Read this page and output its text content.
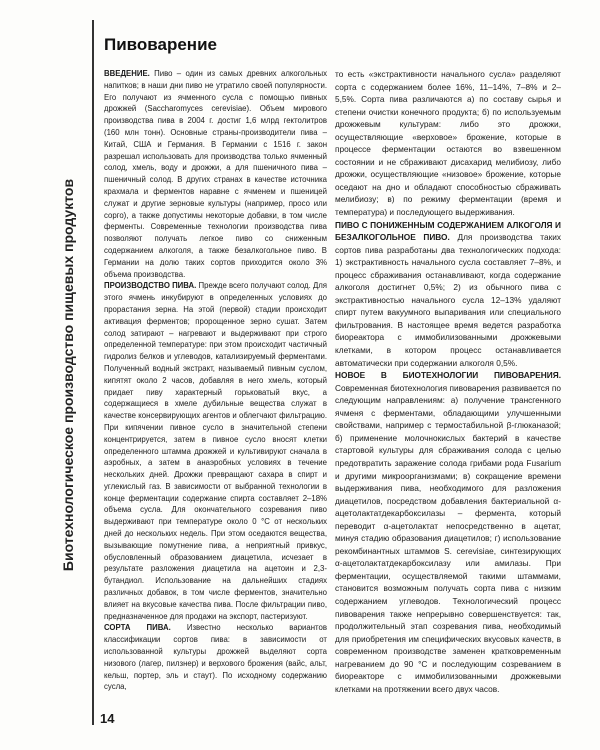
Биотехнологическое производство пищевых продуктов
Пивоварение

ВВЕДЕНИЕ. Пиво – один из самых древних алкогольных напитков; в наши дни пиво не утратило своей популярности. Его получают из ячменного сусла с помощью пивных дрожжей (Saccharomyces cerevisiae). Объем мирового производства пива в 2004 г. достиг 1,6 млрд гектолитров (160 млн тонн). Основные страны-производители пива – Китай, США и Германия. В Германии с 1516 г. закон разрешал использовать для производства только ячменный солод, хмель, воду и дрожжи, а для пшеничного пива – пшеничный солод. В других странах в качестве источника крахмала и ферментов наравне с ячменем и пшеницей служат и другие зерновые культуры (например, просо или сорго), а также допустимы некоторые добавки, в том числе ферменты. Современные технологии производства пива позволяют получать легкое пиво со сниженным содержанием алкоголя, а также безалкогольное пиво. В Германии на долю таких сортов приходится около 3% объема производства.

ПРОИЗВОДСТВО ПИВА. Прежде всего получают солод. Для этого ячмень инкубируют в определенных условиях до прорастания зерна. На этой (первой) стадии происходит активация ферментов; пророщенное зерно сушат. Затем солод затирают – нагревают и выдерживают при строго определенной температуре: при этом происходит частичный гидролиз белков и углеводов, катализируемый ферментами. Полученный водный экстракт, называемый пивным суслом, кипятят около 2 часов, добавляя в него хмель, который придает пиву характерный горьковатый вкус, а содержащиеся в хмеле дубильные вещества служат в качестве консервирующих агентов и облегчают фильтрацию. При кипячении пивное сусло в значительной степени концентрируется, затем в пивное сусло вносят клетки определенного штамма дрожжей и культивируют сначала в аэробных, а затем в анаэробных условиях в течение нескольких дней. Дрожжи превращают сахара в спирт и углекислый газ. В зависимости от выбранной технологии в конце ферментации содержание спирта составляет 2–18% объема сусла. Для окончательного созревания пиво выдерживают при температуре около 0 °С от нескольких дней до нескольких недель. При этом оседаются вещества, вызывающие помутнение пива, а неприятный привкус, обусловленный образованием диацетила, исчезает в результате разложения диацетила на ацетоин и 2,3-бутандиол. Использование на дальнейших стадиях различных добавок, в том числе ферментов, значительно влияет на вкусовые качества пива. После фильтрации пиво, предназначенное для продажи на экспорт, пастеризуют.

СОРТА ПИВА. Известно несколько вариантов классификации сортов пива: в зависимости от использованной культуры дрожжей выделяют сорта низового (лагер, пилзнер) и верхового брожения (вайс, альт, кельш, портер, эль и стаут). По исходному содержанию сусла,

то есть «экстрактивности начального сусла» разделяют сорта с содержанием более 16%, 11–14%, 7–8% и 2–5,5%. Сорта пива различаются а) по составу сырья и степени очистки конечного продукта; б) по используемым дрожжевым культурам: либо это дрожжи, осуществляющие «верховое» брожение, которые в процессе ферментации остаются во взвешенном состоянии и не сбраживают дисахарид мелибиозу, либо дрожжи, осуществляющие «низовое» брожение, которые оседают на дно и обладают способностью сбраживать мелибиозу; в) по режиму ферментации (время и температура) и последующего выдерживания.

ПИВО С ПОНИЖЕННЫМ СОДЕРЖАНИЕМ АЛКОГОЛЯ И БЕЗАЛКОГОЛЬНОЕ ПИВО. Для производства таких сортов пива разработаны два технологических подхода: 1) экстрактивность начального сусла составляет 7–8%, и процесс сбраживания останавливают, когда содержание алкоголя достигнет 0,5%; 2) из обычного пива с экстрактивностью начального сусла 12–13% удаляют спирт путем вакуумного выпаривания или специального фильтрования. В настоящее время ведется разработка биореактора с иммобилизованными дрожжевыми клетками, в котором процесс останавливается автоматически при содержании алкоголя 0,5%.

НОВОЕ В БИОТЕХНОЛОГИИ ПИВОВАРЕНИЯ. Современная биотехнология пивоварения развивается по следующим направлениям: а) получение трансгенного ячменя с ферментами, обладающими улучшенными свойствами, например с термостабильной β-глюканазой; б) применение молочнокислых бактерий в качестве стартовой культуры для сбраживания солода с целью предотвратить заражение солода грибами рода Fusarium и другими микроорганизмами; в) сокращение времени выдерживания пива, необходимого для разложения диацетилов, посредством добавления бактериальной α-ацетолактатдекарбоксилазы – фермента, который переводит α-ацетолактат непосредственно в ацетат, минуя стадию образования диацетилов; г) использование рекомбинантных штаммов S. cerevisiae, синтезирующих α-ацетолактатдекарбоксилазу или амилазы. При ферментации, осуществляемой такими штаммами, становится возможным получать сорта пива с низким содержанием углеводов. Технологический процесс пивоварения также непрерывно совершенствуется: так, продолжительный этап созревания пива, необходимый для приобретения им специфических вкусовых качеств, в современном производстве заменен кратковременным нагреванием до 90 °С и последующим созреванием в биореакторе с иммобилизованными дрожжевыми клетками на протяжении всего двух часов.

14
